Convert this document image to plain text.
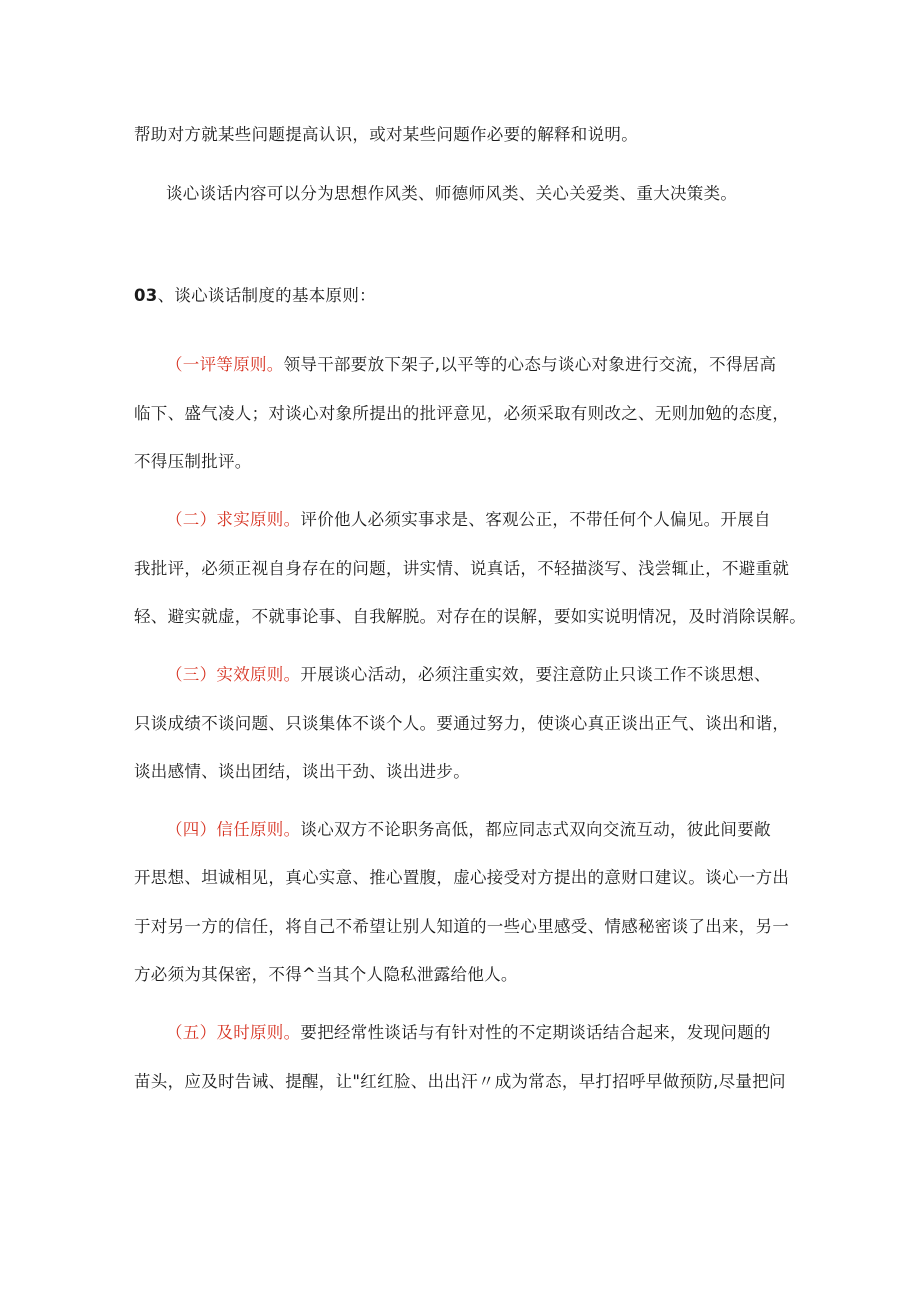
帮助对方就某些问题提高认识，或对某些问题作必要的解释和说明。
谈心谈话内容可以分为思想作风类、师德师风类、关心关爱类、重大决策类。
03、谈心谈话制度的基本原则：
（一评等原则。领导干部要放下架子,以平等的心态与谈心对象进行交流，不得居高
临下、盛气凌人；对谈心对象所提出的批评意见，必须采取有则改之、无则加勉的态度，
不得压制批评。
（二）求实原则。评价他人必须实事求是、客观公正，不带任何个人偏见。开展自
我批评，必须正视自身存在的问题，讲实情、说真话，不轻描淡写、浅尝辄止，不避重就
轻、避实就虚，不就事论事、自我解脱。对存在的误解，要如实说明情况，及时消除误解。
（三）实效原则。开展谈心活动，必须注重实效，要注意防止只谈工作不谈思想、
只谈成绩不谈问题、只谈集体不谈个人。要通过努力，使谈心真正谈出正气、谈出和谐，
谈出感情、谈出团结，谈出干劲、谈出进步。
（四）信任原则。谈心双方不论职务高低，都应同志式双向交流互动，彼此间要敞
开思想、坦诚相见，真心实意、推心置腹，虚心接受对方提出的意财口建议。谈心一方出
于对另一方的信任，将自己不希望让别人知道的一些心里感受、情感秘密谈了出来，另一
方必须为其保密，不得^当其个人隐私泄露给他人。
（五）及时原则。要把经常性谈话与有针对性的不定期谈话结合起来，发现问题的
苗头，应及时告诫、提醒，让"红红脸、出出汗〃成为常态，早打招呼早做预防,尽量把问
